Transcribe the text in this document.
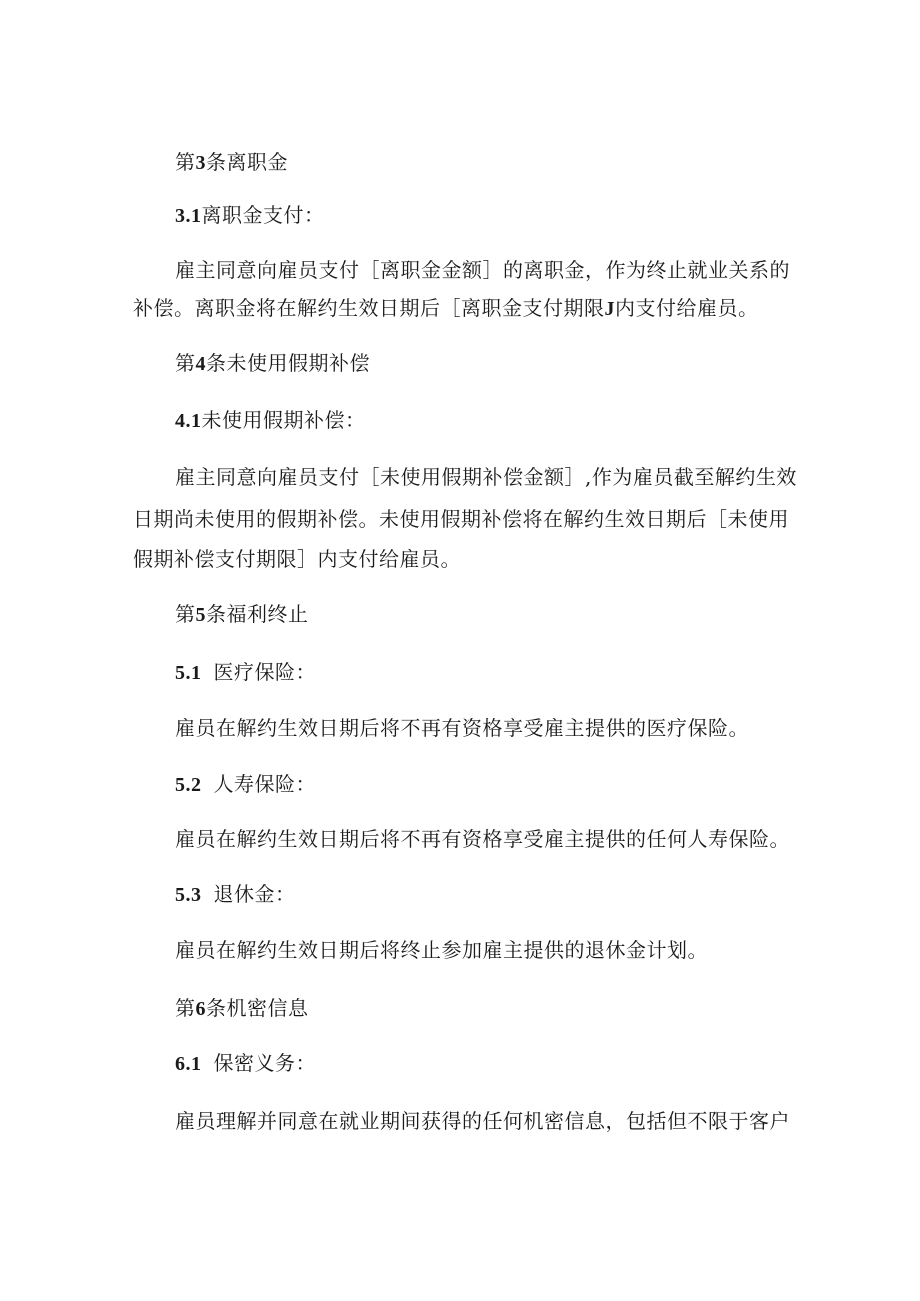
第3条离职金
3.1离职金支付：
雇主同意向雇员支付［离职金金额］的离职金，作为终止就业关系的
补偿。离职金将在解约生效日期后［离职金支付期限J内支付给雇员。
第4条未使用假期补偿
4.1未使用假期补偿：
雇主同意向雇员支付［未使用假期补偿金额］,作为雇员截至解约生效
日期尚未使用的假期补偿。未使用假期补偿将在解约生效日期后［未使用
假期补偿支付期限］内支付给雇员。
第5条福利终止
5.1 医疗保险：
雇员在解约生效日期后将不再有资格享受雇主提供的医疗保险。
5.2 人寿保险：
雇员在解约生效日期后将不再有资格享受雇主提供的任何人寿保险。
5.3 退休金：
雇员在解约生效日期后将终止参加雇主提供的退休金计划。
第6条机密信息
6.1 保密义务：
雇员理解并同意在就业期间获得的任何机密信息，包括但不限于客户
